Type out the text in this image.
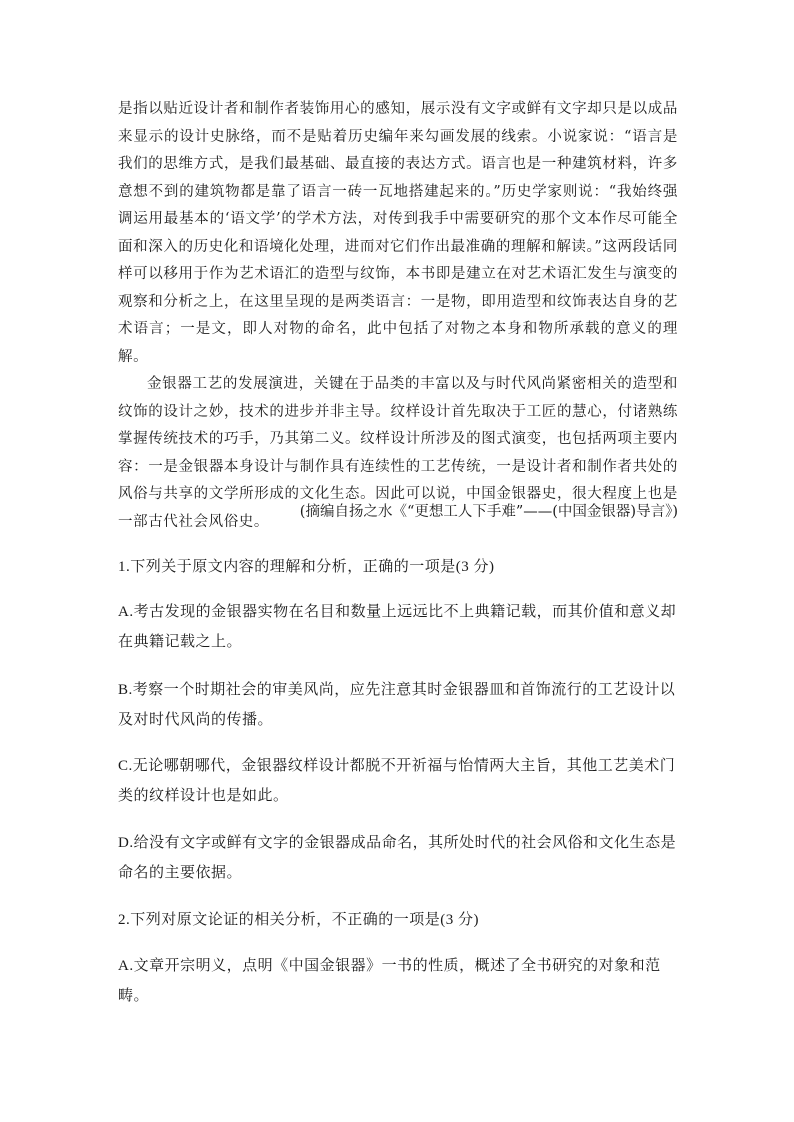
是指以贴近设计者和制作者装饰用心的感知，展示没有文字或鲜有文字却只是以成品来显示的设计史脉络，而不是贴着历史编年来勾画发展的线索。小说家说：“语言是我们的思维方式，是我们最基础、最直接的表达方式。语言也是一种建筑材料，许多意想不到的建筑物都是靠了语言一砖一瓦地搭建起来的。”历史学家则说：“我始终强调运用最基本的‘语文学’的学术方法，对传到我手中需要研究的那个文本作尽可能全面和深入的历史化和语境化处理，进而对它们作出最准确的理解和解读。”这两段话同样可以移用于作为艺术语汇的造型与纹饰，本书即是建立在对艺术语汇发生与演变的观察和分析之上，在这里呈现的是两类语言：一是物，即用造型和纹饰表达自身的艺术语言；一是文，即人对物的命名，此中包括了对物之本身和物所承载的意义的理解。

金银器工艺的发展演进，关键在于品类的丰富以及与时代风尚紧密相关的造型和纹饰的设计之妙，技术的进步并非主导。纹样设计首先取决于工匠的慧心，付诸熟练掌握传统技术的巧手，乃其第二义。纹样设计所涉及的图式演变，也包括两项主要内容：一是金银器本身设计与制作具有连续性的工艺传统，一是设计者和制作者共处的风俗与共享的文学所形成的文化生态。因此可以说，中国金银器史，很大程度上也是一部古代社会风俗史。

(摘编自扬之水《“更想工人下手难”——(中国金银器)导言》)

1.下列关于原文内容的理解和分析，正确的一项是(3 分)

A.考古发现的金银器实物在名目和数量上远远比不上典籍记载，而其价值和意义却在典籍记载之上。

B.考察一个时期社会的审美风尚，应先注意其时金银器皿和首饰流行的工艺设计以及对时代风尚的传播。

C.无论哪朝哪代，金银器纹样设计都脱不开祈福与怡情两大主旨，其他工艺美术门类的纹样设计也是如此。

D.给没有文字或鲜有文字的金银器成品命名，其所处时代的社会风俗和文化生态是命名的主要依据。

2.下列对原文论证的相关分析，不正确的一项是(3 分)

A.文章开宗明义，点明《中国金银器》一书的性质，概述了全书研究的对象和范畴。
